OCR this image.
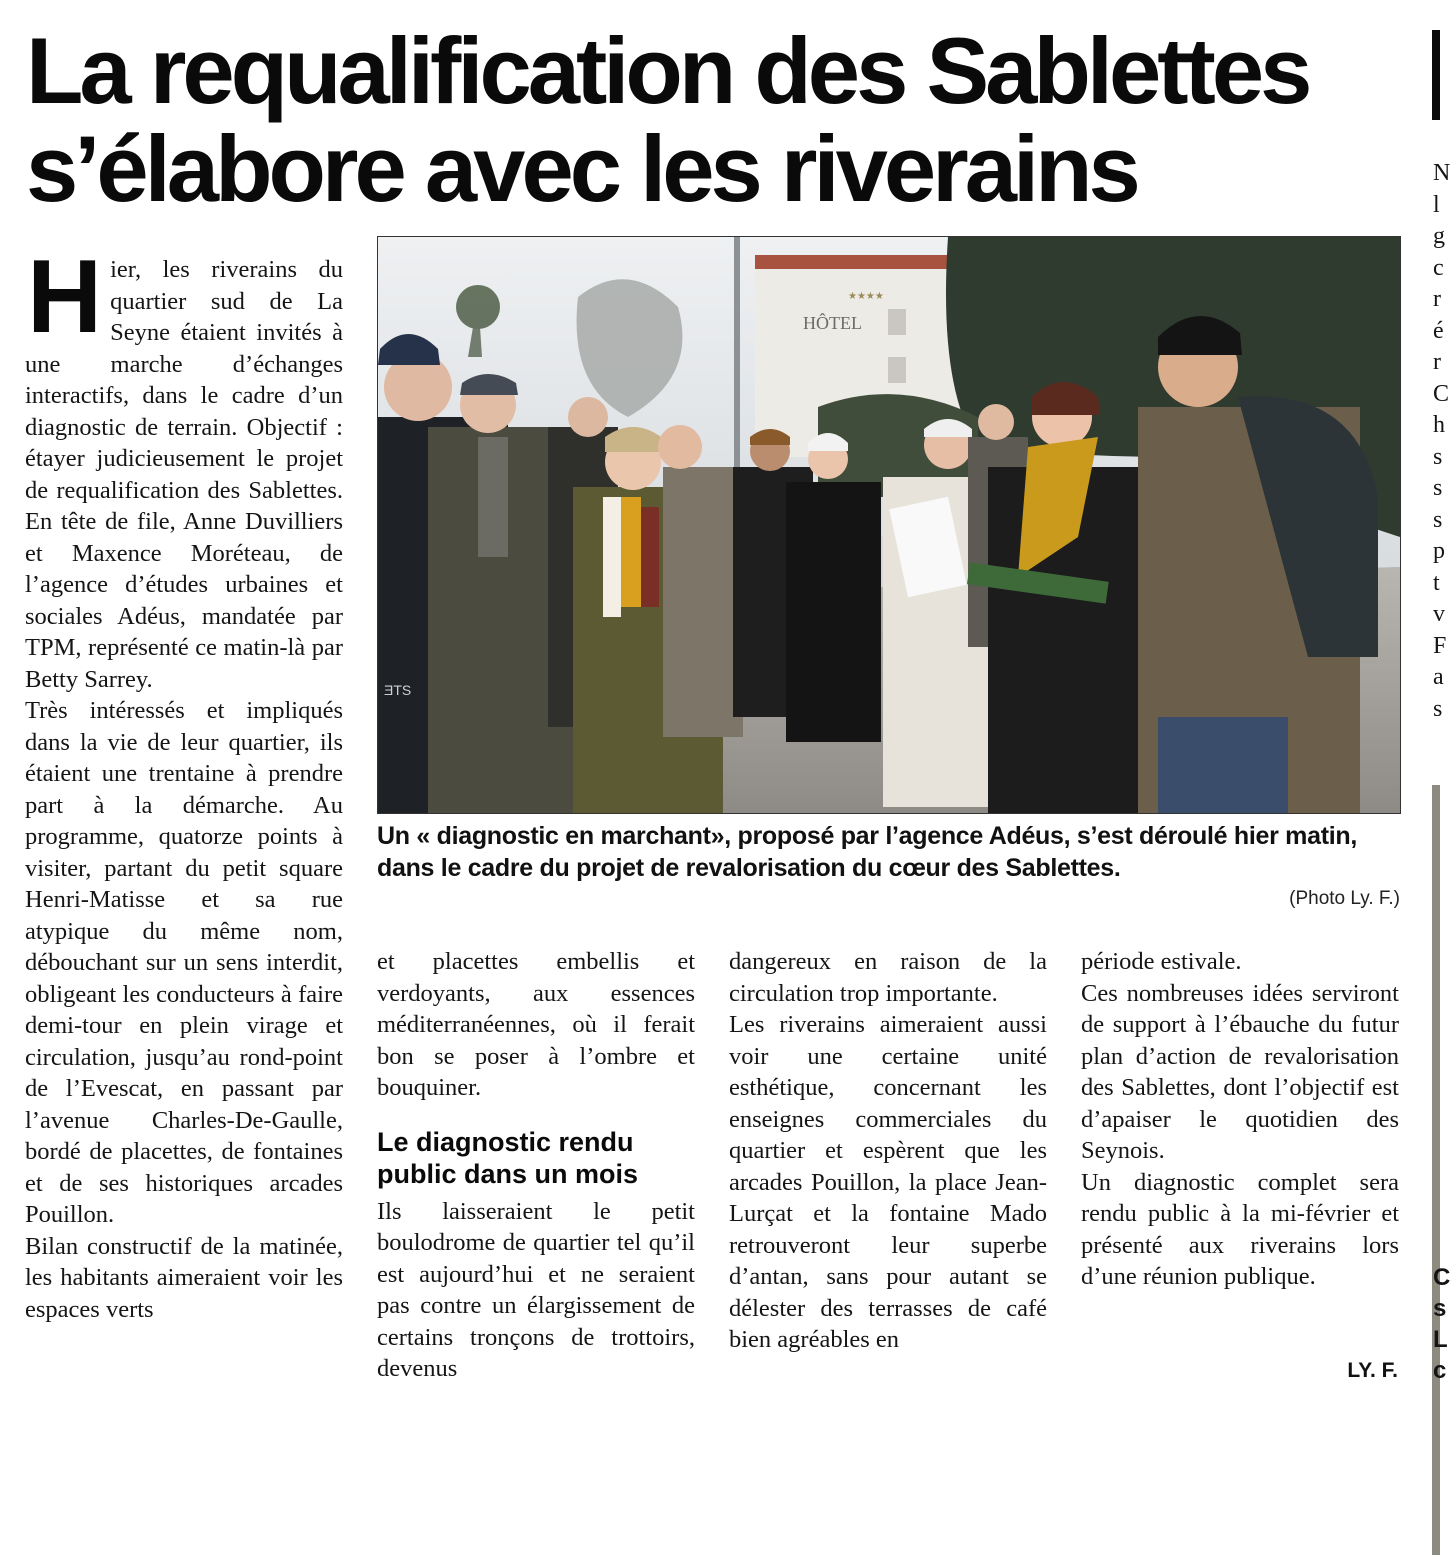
La requalification des Sablettes
s’élabore avec les riverains

Hier, les riverains du quartier sud de La Seyne étaient invités à une marche d’échanges interactifs, dans le cadre d’un diagnostic de terrain. Objectif : étayer judicieusement le projet de requalification des Sablettes. En tête de file, Anne Duvilliers et Maxence Moréteau, de l’agence d’études urbaines et sociales Adéus, mandatée par TPM, représenté ce matin-là par Betty Sarrey.

Très intéressés et impliqués dans la vie de leur quartier, ils étaient une trentaine à prendre part à la démarche. Au programme, quatorze points à visiter, partant du petit square Henri-Matisse et sa rue atypique du même nom, débouchant sur un sens interdit, obligeant les conducteurs à faire demi-tour en plein virage et circulation, jusqu’au rond-point de l’Evescat, en passant par l’avenue Charles-De-Gaulle, bordé de placettes, de fontaines et de ses historiques arcades Pouillon.

Bilan constructif de la matinée, les habitants aimeraient voir les espaces verts

★★★★
HÔTEL
ƎTS
Un « diagnostic en marchant», proposé par l’agence Adéus, s’est déroulé hier matin, dans le cadre du projet de revalorisation du cœur des Sablettes.
(Photo Ly. F.)

et placettes embellis et verdoyants, aux essences méditerranéennes, où il ferait bon se poser à l’ombre et bouquiner.

Le diagnostic rendu public dans un mois

Ils laisseraient le petit boulodrome de quartier tel qu’il est aujourd’hui et ne seraient pas contre un élargissement de certains tronçons de trottoirs, devenus

dangereux en raison de la circulation trop importante.

Les riverains aimeraient aussi voir une certaine unité esthétique, concernant les enseignes commerciales du quartier et espèrent que les arcades Pouillon, la place Jean-Lurçat et la fontaine Mado retrouveront leur superbe d’antan, sans pour autant se délester des terrasses de café bien agréables en

période estivale.

Ces nombreuses idées serviront de support à l’ébauche du futur plan d’action de revalorisation des Sablettes, dont l’objectif est d’apaiser le quotidien des Seynois.

Un diagnostic complet sera rendu public à la mi-février et présenté aux riverains lors d’une réunion publique.

LY. F.
N
l
g
c
r
é
r
C
h
s
s
s
p
t
v
F
a
s
C
s
L
c
